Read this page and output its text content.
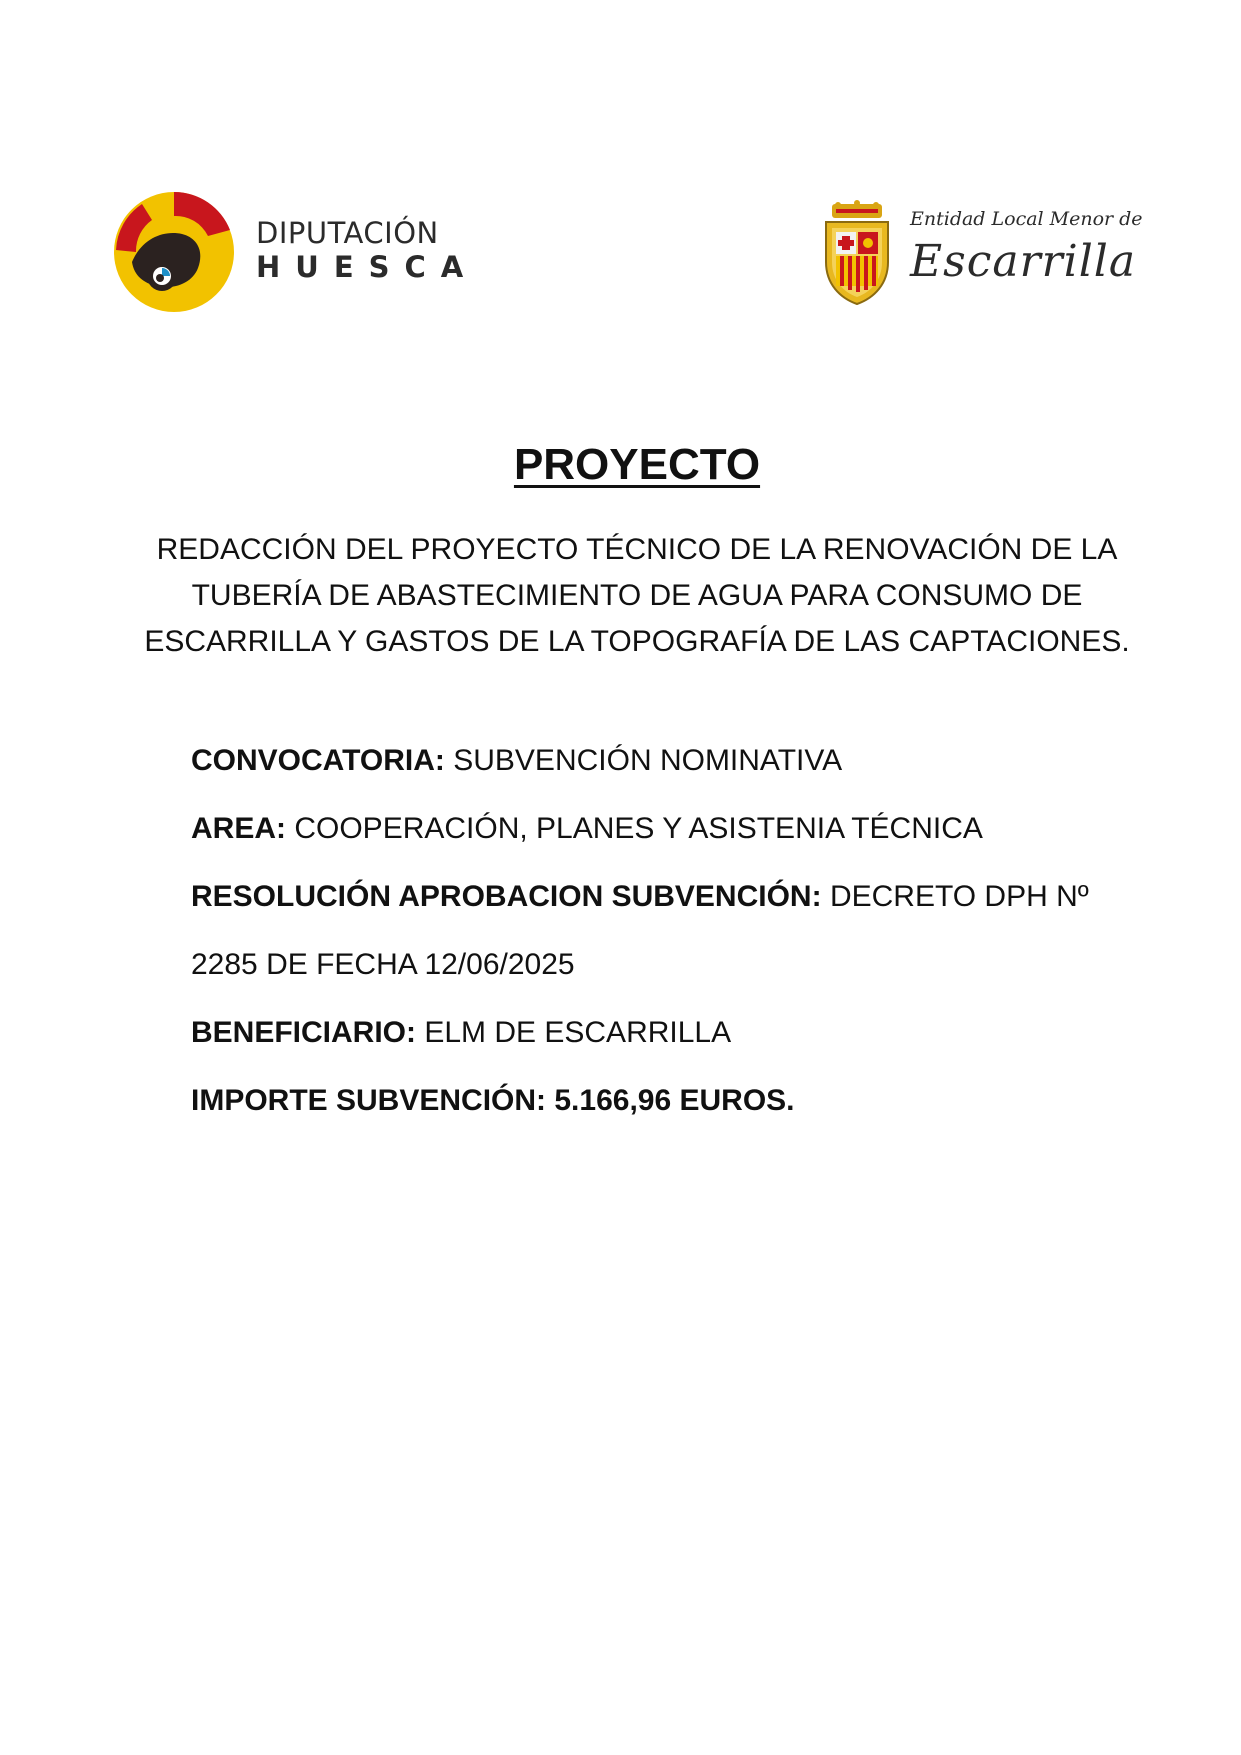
DIPUTACIÓN
HUESCA
Entidad Local Menor de
Escarrilla
PROYECTO
REDACCIÓN DEL PROYECTO TÉCNICO DE LA RENOVACIÓN DE LA TUBERÍA DE ABASTECIMIENTO DE AGUA PARA CONSUMO DE ESCARRILLA Y GASTOS DE LA TOPOGRAFÍA DE LAS CAPTACIONES.
CONVOCATORIA: SUBVENCIÓN NOMINATIVA
AREA: COOPERACIÓN, PLANES Y ASISTENIA TÉCNICA
RESOLUCIÓN APROBACION SUBVENCIÓN: DECRETO DPH Nº
2285 DE FECHA 12/06/2025
BENEFICIARIO: ELM DE ESCARRILLA
IMPORTE SUBVENCIÓN: 5.166,96 EUROS.
